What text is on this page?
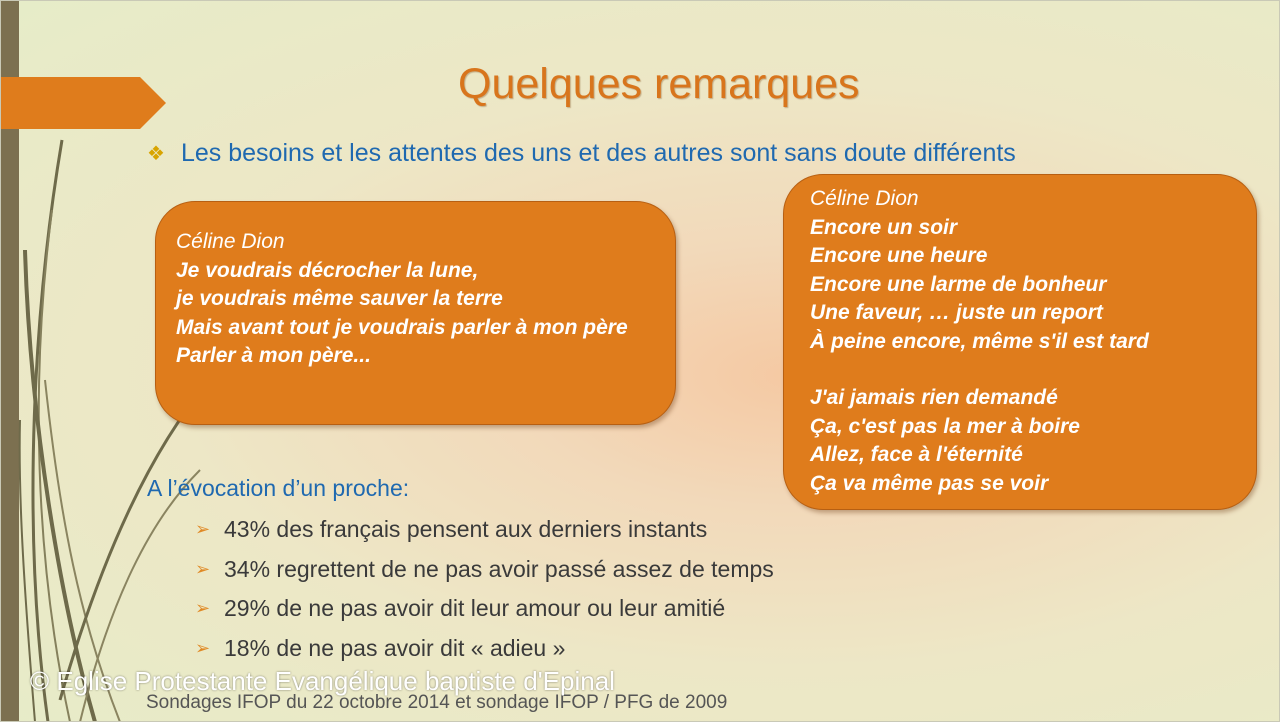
Quelques remarques
❖ Les besoins et les attentes des uns et des autres sont sans doute différents
Céline Dion
Je voudrais décrocher la lune,
je voudrais même sauver la terre
Mais avant tout je voudrais parler à mon père
Parler à mon père...
Céline Dion
Encore un soir
Encore une heure
Encore une larme de bonheur
Une faveur, … juste un report
À peine encore, même s'il est tard
J'ai jamais rien demandé
Ça, c'est pas la mer à boire
Allez, face à l'éternité
Ça va même pas se voir
A l’évocation d’un proche:
➢ 43% des français pensent aux derniers instants
➢ 34% regrettent de ne pas avoir passé assez de temps
➢ 29% de ne pas avoir dit leur amour ou leur amitié
➢ 18% de ne pas avoir dit « adieu »
Sondages IFOP du 22 octobre 2014 et sondage IFOP / PFG de 2009
© Eglise Protestante Evangélique baptiste d'Epinal
